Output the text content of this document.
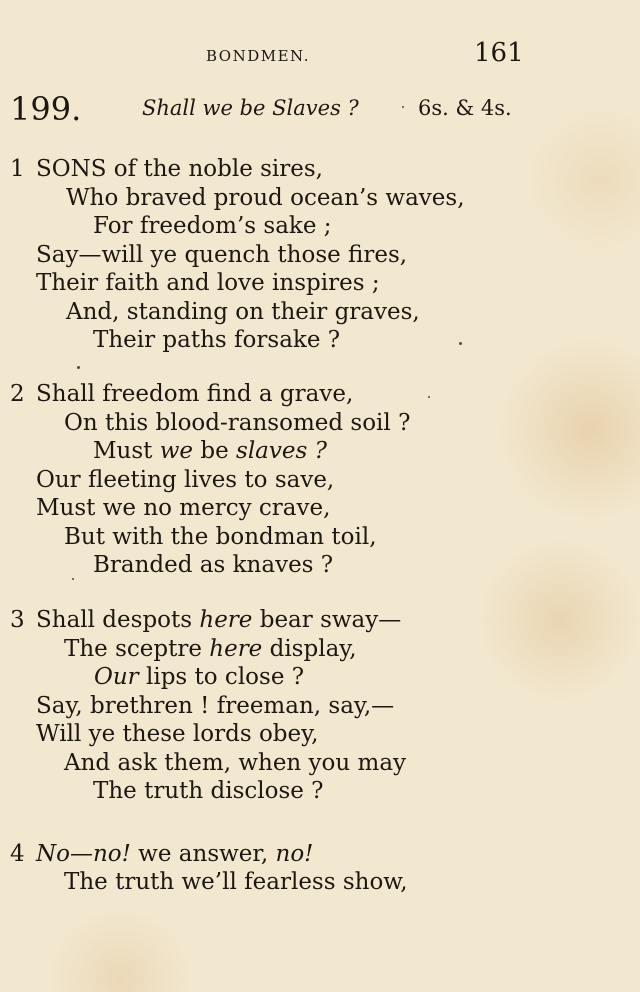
BONDMEN.	161
199.	Shall we be Slaves ?	6s. & 4s.
1 SONS of the noble sires,
Who braved proud ocean’s waves,
For freedom’s sake ;
Say—will ye quench those fires,
Their faith and love inspires ;
And, standing on their graves,
Their paths forsake ?
2 Shall freedom find a grave,
On this blood-ransomed soil ?
Must we be slaves ?
Our fleeting lives to save,
Must we no mercy crave,
But with the bondman toil,
Branded as knaves ?
3 Shall despots here bear sway—
The sceptre here display,
Our lips to close ?
Say, brethren ! freeman, say,—
Will ye these lords obey,
And ask them, when you may
The truth disclose ?
4 No—no! we answer, no!
The truth we’ll fearless show,
